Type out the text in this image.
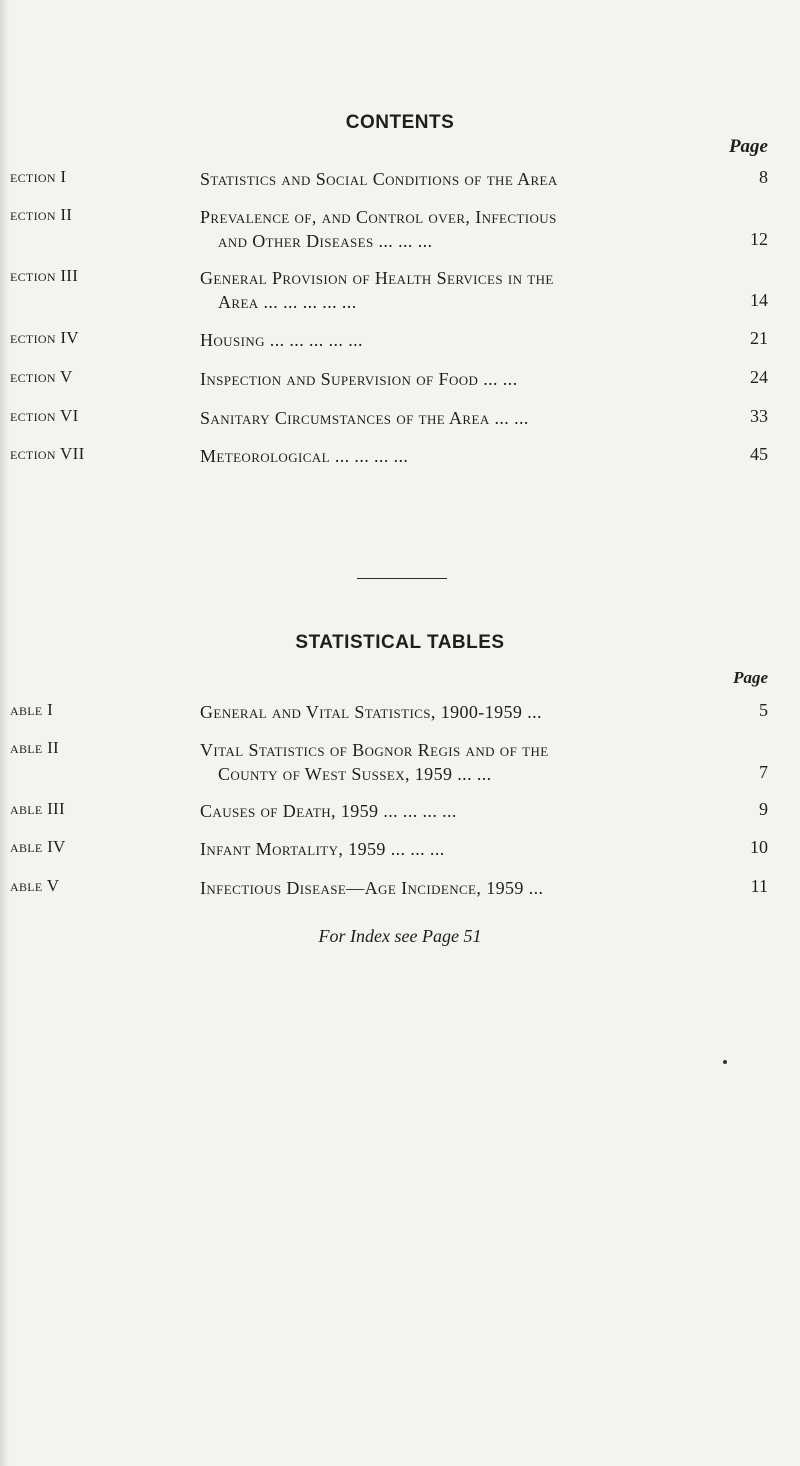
CONTENTS
Page
ection I	Statistics and Social Conditions of the Area	8
ection II	Prevalence of, and Control over, Infectious
and Other Diseases ... ... ...	12
ection III	General Provision of Health Services in the
Area ... ... ... ... ...	14
ection IV	Housing ... ... ... ... ...	21
ection V	Inspection and Supervision of Food ... ...	24
ection VI	Sanitary Circumstances of the Area ... ...	33
ection VII	Meteorological ... ... ... ...	45
STATISTICAL TABLES
Page
able I	General and Vital Statistics, 1900-1959 ...	5
able II	Vital Statistics of Bognor Regis and of the
County of West Sussex, 1959 ... ...	7
able III	Causes of Death, 1959 ... ... ... ...	9
able IV	Infant Mortality, 1959 ... ... ...	10
able V	Infectious Disease—Age Incidence, 1959 ...	11
For Index see Page 51
